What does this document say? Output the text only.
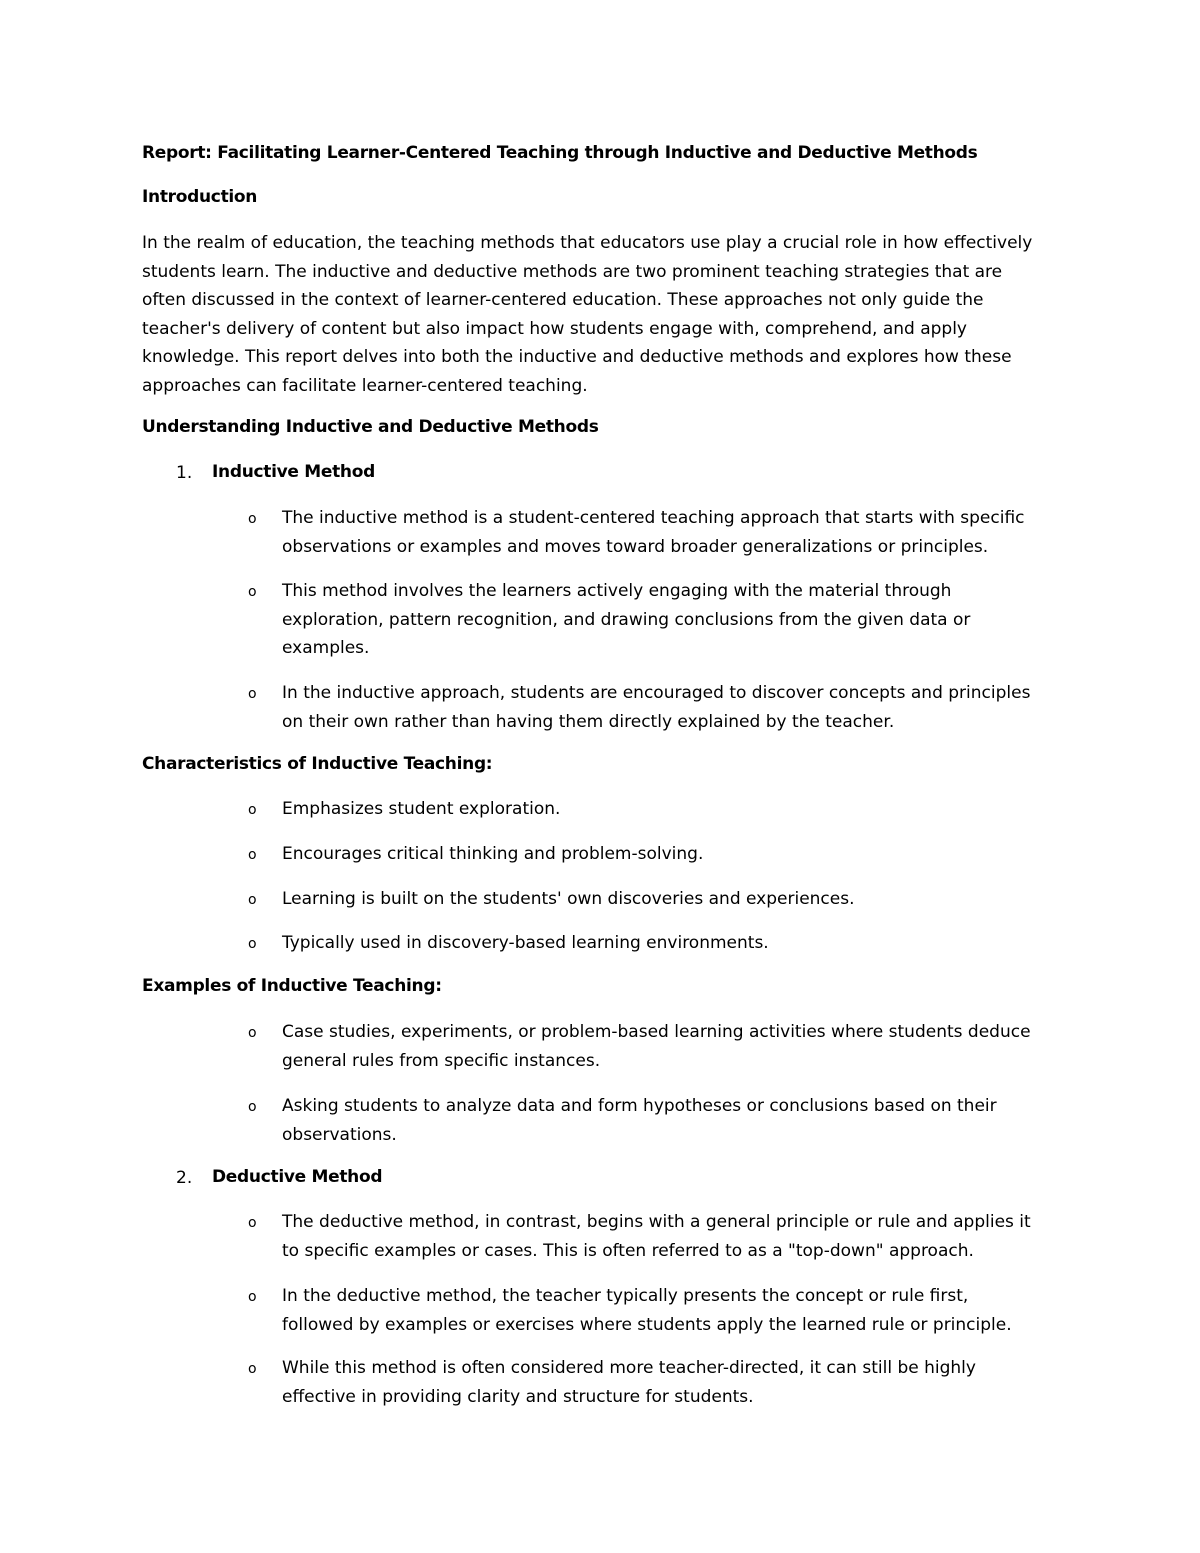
Report: Facilitating Learner-Centered Teaching through Inductive and Deductive Methods
Introduction
In the realm of education, the teaching methods that educators use play a crucial role in how effectively
students learn. The inductive and deductive methods are two prominent teaching strategies that are
often discussed in the context of learner-centered education. These approaches not only guide the
teacher's delivery of content but also impact how students engage with, comprehend, and apply
knowledge. This report delves into both the inductive and deductive methods and explores how these
approaches can facilitate learner-centered teaching.
Understanding Inductive and Deductive Methods
1. Inductive Method
o The inductive method is a student-centered teaching approach that starts with specific
observations or examples and moves toward broader generalizations or principles.
o This method involves the learners actively engaging with the material through
exploration, pattern recognition, and drawing conclusions from the given data or
examples.
o In the inductive approach, students are encouraged to discover concepts and principles
on their own rather than having them directly explained by the teacher.
Characteristics of Inductive Teaching:
o Emphasizes student exploration.
o Encourages critical thinking and problem-solving.
o Learning is built on the students' own discoveries and experiences.
o Typically used in discovery-based learning environments.
Examples of Inductive Teaching:
o Case studies, experiments, or problem-based learning activities where students deduce
general rules from specific instances.
o Asking students to analyze data and form hypotheses or conclusions based on their
observations.
2. Deductive Method
o The deductive method, in contrast, begins with a general principle or rule and applies it
to specific examples or cases. This is often referred to as a "top-down" approach.
o In the deductive method, the teacher typically presents the concept or rule first,
followed by examples or exercises where students apply the learned rule or principle.
o While this method is often considered more teacher-directed, it can still be highly
effective in providing clarity and structure for students.
